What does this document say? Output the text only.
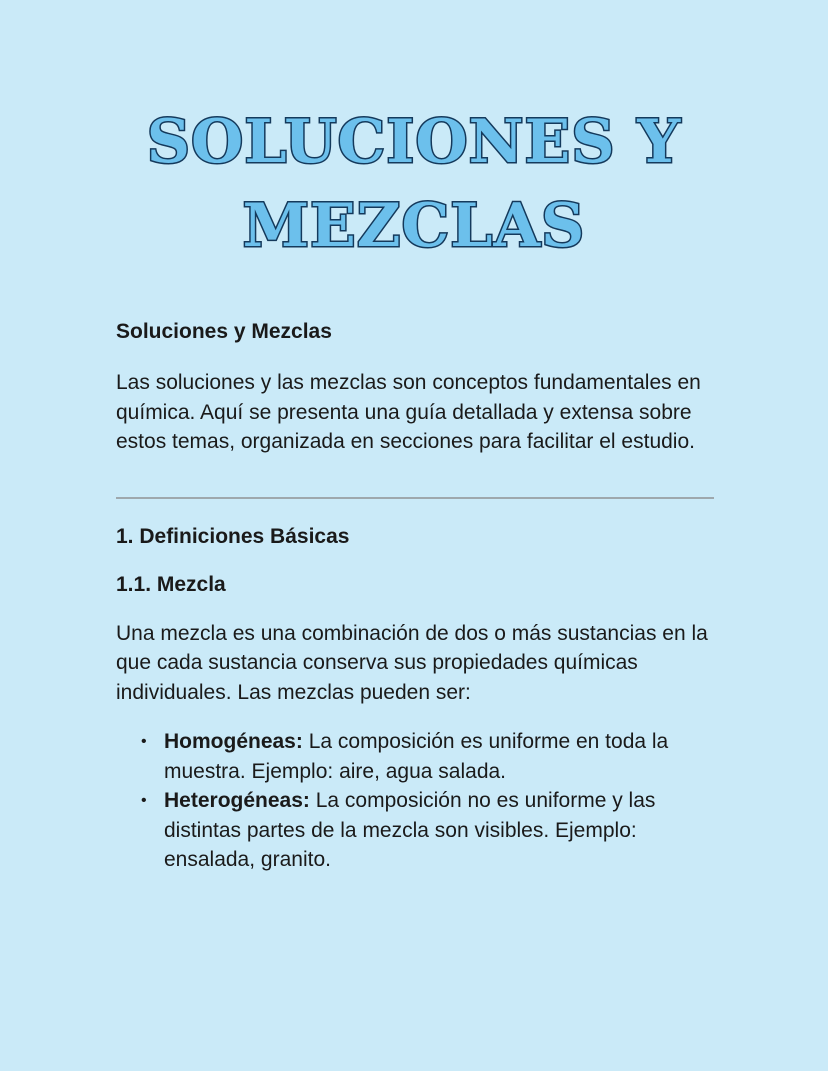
SOLUCIONES Y
MEZCLAS

Soluciones y Mezclas

Las soluciones y las mezclas son conceptos fundamentales en química. Aquí se presenta una guía detallada y extensa sobre estos temas, organizada en secciones para facilitar el estudio.

1. Definiciones Básicas

1.1. Mezcla

Una mezcla es una combinación de dos o más sustancias en la que cada sustancia conserva sus propiedades químicas individuales. Las mezclas pueden ser:

• Homogéneas: La composición es uniforme en toda la muestra. Ejemplo: aire, agua salada.
• Heterogéneas: La composición no es uniforme y las distintas partes de la mezcla son visibles. Ejemplo: ensalada, granito.
